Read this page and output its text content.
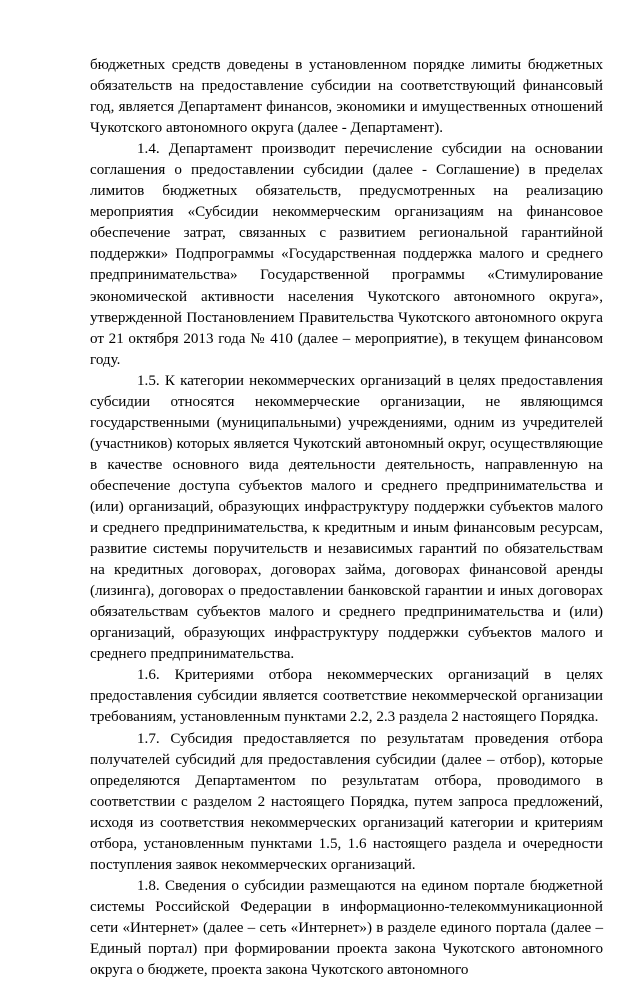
бюджетных средств доведены в установленном порядке лимиты бюджетных обязательств на предоставление субсидии на соответствующий финансовый год, является Департамент финансов, экономики и имущественных отношений Чукотского автономного округа (далее - Департамент).

1.4. Департамент производит перечисление субсидии на основании соглашения о предоставлении субсидии (далее - Соглашение) в пределах лимитов бюджетных обязательств, предусмотренных на реализацию мероприятия «Субсидии некоммерческим организациям на финансовое обеспечение затрат, связанных с развитием региональной гарантийной поддержки» Подпрограммы «Государственная поддержка малого и среднего предпринимательства» Государственной программы «Стимулирование экономической активности населения Чукотского автономного округа», утвержденной Постановлением Правительства Чукотского автономного округа от 21 октября 2013 года № 410 (далее – мероприятие), в текущем финансовом году.

1.5. К категории некоммерческих организаций в целях предоставления субсидии относятся некоммерческие организации, не являющимся государственными (муниципальными) учреждениями, одним из учредителей (участников) которых является Чукотский автономный округ, осуществляющие в качестве основного вида деятельности деятельность, направленную на обеспечение доступа субъектов малого и среднего предпринимательства и (или) организаций, образующих инфраструктуру поддержки субъектов малого и среднего предпринимательства, к кредитным и иным финансовым ресурсам, развитие системы поручительств и независимых гарантий по обязательствам на кредитных договорах, договорах займа, договорах финансовой аренды (лизинга), договорах о предоставлении банковской гарантии и иных договорах обязательствам субъектов малого и среднего предпринимательства и (или) организаций, образующих инфраструктуру поддержки субъектов малого и среднего предпринимательства.

1.6. Критериями отбора некоммерческих организаций в целях предоставления субсидии является соответствие некоммерческой организации требованиям, установленным пунктами 2.2, 2.3 раздела 2 настоящего Порядка.

1.7. Субсидия предоставляется по результатам проведения отбора получателей субсидий для предоставления субсидии (далее – отбор), которые определяются Департаментом по результатам отбора, проводимого в соответствии с разделом 2 настоящего Порядка, путем запроса предложений, исходя из соответствия некоммерческих организаций категории и критериям отбора, установленным пунктами 1.5, 1.6 настоящего раздела и очередности поступления заявок некоммерческих организаций.

1.8. Сведения о субсидии размещаются на едином портале бюджетной системы Российской Федерации в информационно-телекоммуникационной сети «Интернет» (далее – сеть «Интернет») в разделе единого портала (далее – Единый портал) при формировании проекта закона Чукотского автономного округа о бюджете, проекта закона Чукотского автономного
